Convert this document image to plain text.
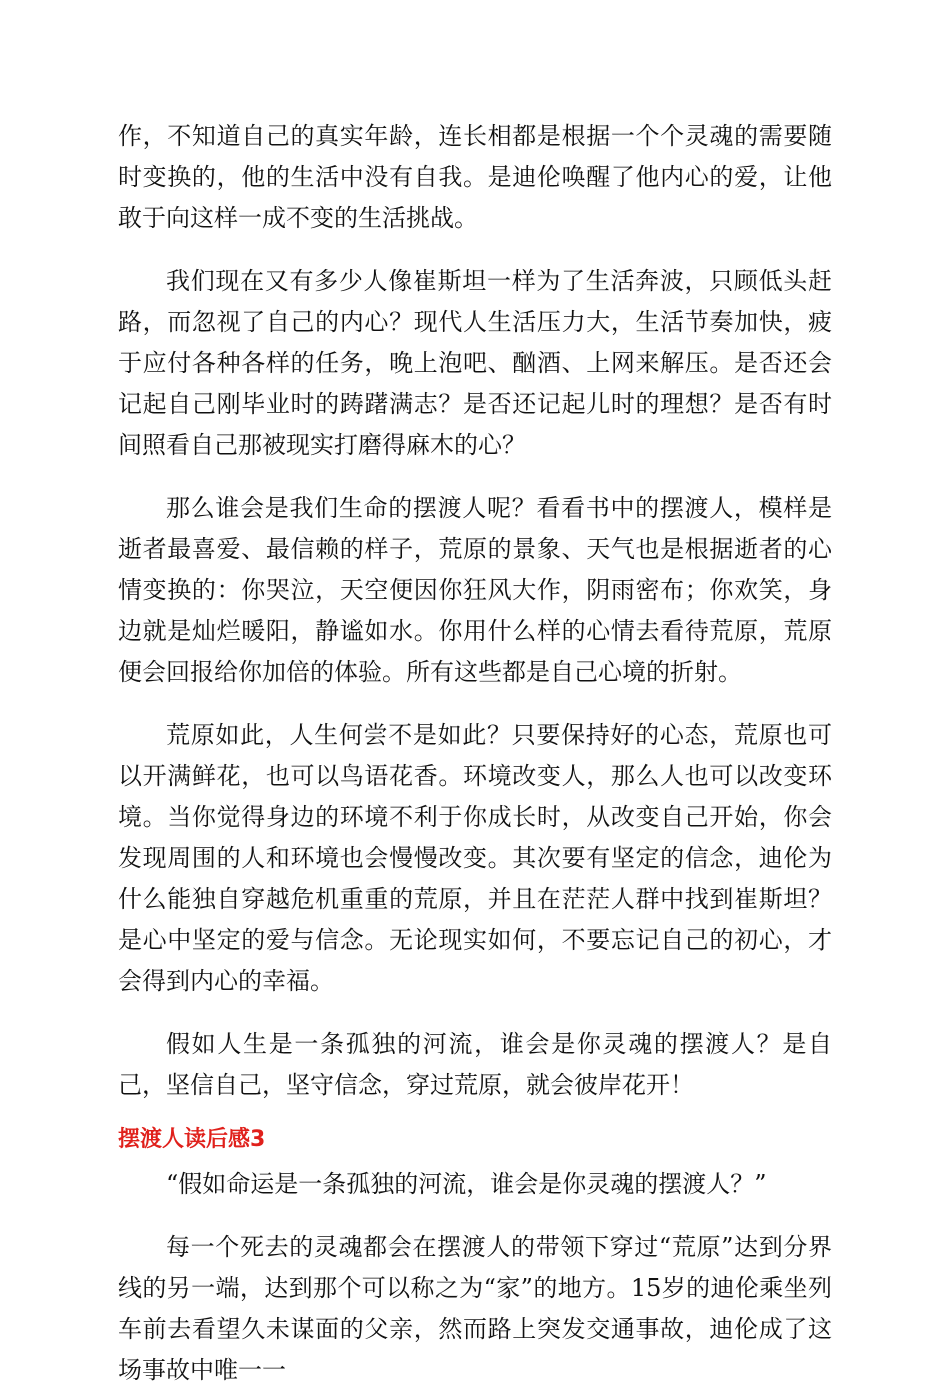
作，不知道自己的真实年龄，连长相都是根据一个个灵魂的需要随时变换的，他的生活中没有自我。是迪伦唤醒了他内心的爱，让他敢于向这样一成不变的生活挑战。

我们现在又有多少人像崔斯坦一样为了生活奔波，只顾低头赶路，而忽视了自己的内心？现代人生活压力大，生活节奏加快，疲于应付各种各样的任务，晚上泡吧、酗酒、上网来解压。是否还会记起自己刚毕业时的踌躇满志？是否还记起儿时的理想？是否有时间照看自己那被现实打磨得麻木的心？

那么谁会是我们生命的摆渡人呢？看看书中的摆渡人，模样是逝者最喜爱、最信赖的样子，荒原的景象、天气也是根据逝者的心情变换的：你哭泣，天空便因你狂风大作，阴雨密布；你欢笑，身边就是灿烂暖阳，静谧如水。你用什么样的心情去看待荒原，荒原便会回报给你加倍的体验。所有这些都是自己心境的折射。

荒原如此，人生何尝不是如此？只要保持好的心态，荒原也可以开满鲜花，也可以鸟语花香。环境改变人，那么人也可以改变环境。当你觉得身边的环境不利于你成长时，从改变自己开始，你会发现周围的人和环境也会慢慢改变。其次要有坚定的信念，迪伦为什么能独自穿越危机重重的荒原，并且在茫茫人群中找到崔斯坦？是心中坚定的爱与信念。无论现实如何，不要忘记自己的初心，才会得到内心的幸福。

假如人生是一条孤独的河流，谁会是你灵魂的摆渡人？是自己，坚信自己，坚守信念，穿过荒原，就会彼岸花开！

摆渡人读后感3

“假如命运是一条孤独的河流，谁会是你灵魂的摆渡人？”

每一个死去的灵魂都会在摆渡人的带领下穿过“荒原”达到分界线的另一端，达到那个可以称之为“家”的地方。15岁的迪伦乘坐列车前去看望久未谋面的父亲，然而路上突发交通事故，迪伦成了这场事故中唯一一
